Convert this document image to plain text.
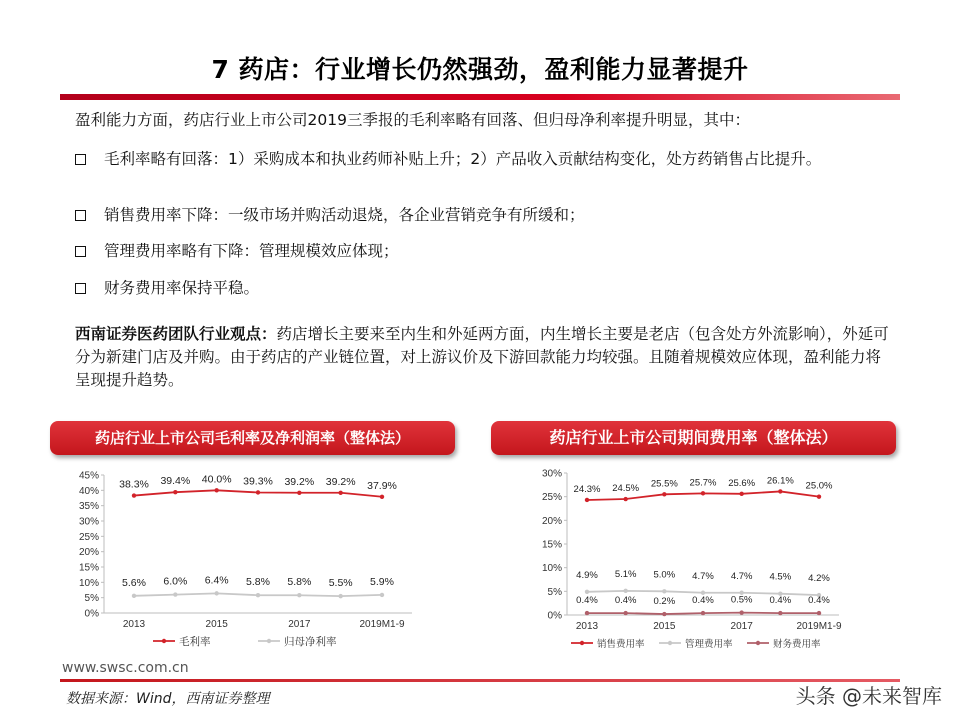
7 药店：行业增长仍然强劲，盈利能力显著提升
盈利能力方面，药店行业上市公司2019三季报的毛利率略有回落、但归母净利率提升明显，其中：
毛利率略有回落：1）采购成本和执业药师补贴上升；2）产品收入贡献结构变化，处方药销售占比提升。
销售费用率下降：一级市场并购活动退烧，各企业营销竞争有所缓和；
管理费用率略有下降：管理规模效应体现；
财务费用率保持平稳。
西南证券医药团队行业观点：药店增长主要来至内生和外延两方面，内生增长主要是老店（包含处方外流影响），外延可分为新建门店及并购。由于药店的产业链位置，对上游议价及下游回款能力均较强。且随着规模效应体现，盈利能力将呈现提升趋势。
药店行业上市公司毛利率及净利润率（整体法）	药店行业上市公司期间费用率（整体法）
0%
5%
10%
15%
20%
25%
30%
35%
40%
45%
2013	2015	2017	2019M1-9
38.3% 39.4% 40.0% 39.3% 39.2% 39.2% 37.9%
5.6% 6.0% 6.4% 5.8% 5.8% 5.5% 5.9%
毛利率	归母净利率
0%
5%
10%
15%
20%
25%
30%
2013	2015	2017	2019M1-9
24.3% 24.5% 25.5% 25.7% 25.6% 26.1% 25.0%
4.9% 5.1% 5.0% 4.7% 4.7% 4.5% 4.2%
0.4% 0.4% 0.2% 0.4% 0.5% 0.4% 0.4%
销售费用率	管理费用率	财务费用率
www.swsc.com.cn
数据来源：Wind，西南证券整理	头条 @未来智库
